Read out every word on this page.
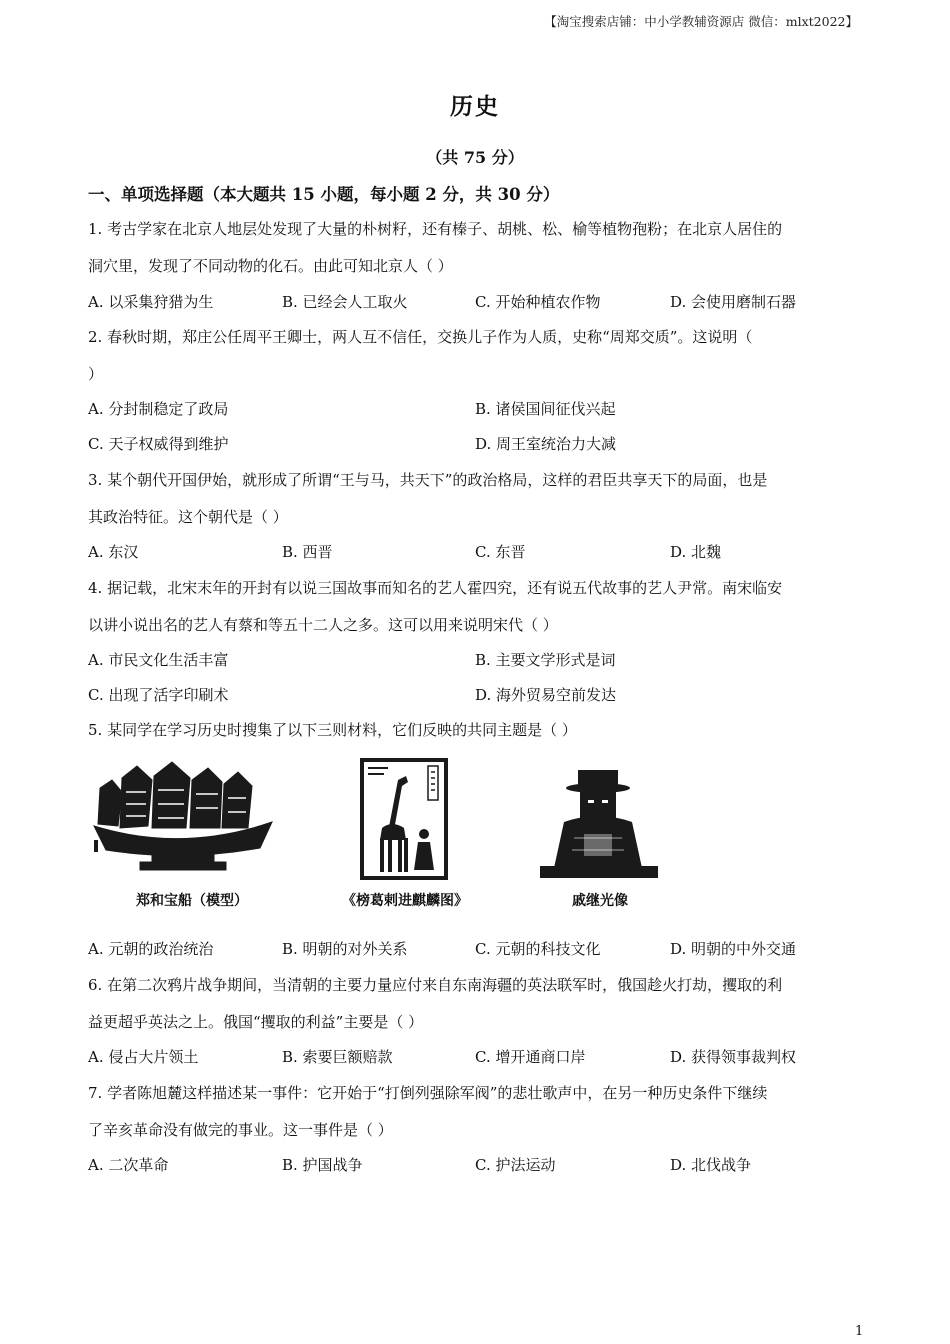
【淘宝搜索店铺：中小学教辅资源店 微信：mlxt2022】
历史
（共 75 分）
一、单项选择题（本大题共 15 小题，每小题 2 分，共 30 分）
1. 考古学家在北京人地层处发现了大量的朴树籽，还有榛子、胡桃、松、榆等植物孢粉；在北京人居住的
洞穴里，发现了不同动物的化石。由此可知北京人（ ）
A. 以采集狩猎为生	B. 已经会人工取火	C. 开始种植农作物	D. 会使用磨制石器
2. 春秋时期，郑庄公任周平王卿士，两人互不信任，交换儿子作为人质，史称“周郑交质”。这说明（
）
A. 分封制稳定了政局	B. 诸侯国间征伐兴起
C. 天子权威得到维护	D. 周王室统治力大减
3. 某个朝代开国伊始，就形成了所谓“王与马，共天下”的政治格局，这样的君臣共享天下的局面，也是
其政治特征。这个朝代是（ ）
A. 东汉	B. 西晋	C. 东晋	D. 北魏
4. 据记载，北宋末年的开封有以说三国故事而知名的艺人霍四究，还有说五代故事的艺人尹常。南宋临安
以讲小说出名的艺人有蔡和等五十二人之多。这可以用来说明宋代（ ）
A. 市民文化生活丰富	B. 主要文学形式是词
C. 出现了活字印刷术	D. 海外贸易空前发达
5. 某同学在学习历史时搜集了以下三则材料，它们反映的共同主题是（ ）
郑和宝船（模型）	《榜葛剌进麒麟图》	戚继光像
A. 元朝的政治统治	B. 明朝的对外关系	C. 元朝的科技文化	D. 明朝的中外交通
6. 在第二次鸦片战争期间，当清朝的主要力量应付来自东南海疆的英法联军时，俄国趁火打劫，攫取的利
益更超乎英法之上。俄国“攫取的利益”主要是（ ）
A. 侵占大片领土	B. 索要巨额赔款	C. 增开通商口岸	D. 获得领事裁判权
7. 学者陈旭麓这样描述某一事件：它开始于“打倒列强除军阀”的悲壮歌声中，在另一种历史条件下继续
了辛亥革命没有做完的事业。这一事件是（ ）
A. 二次革命	B. 护国战争	C. 护法运动	D. 北伐战争
1
